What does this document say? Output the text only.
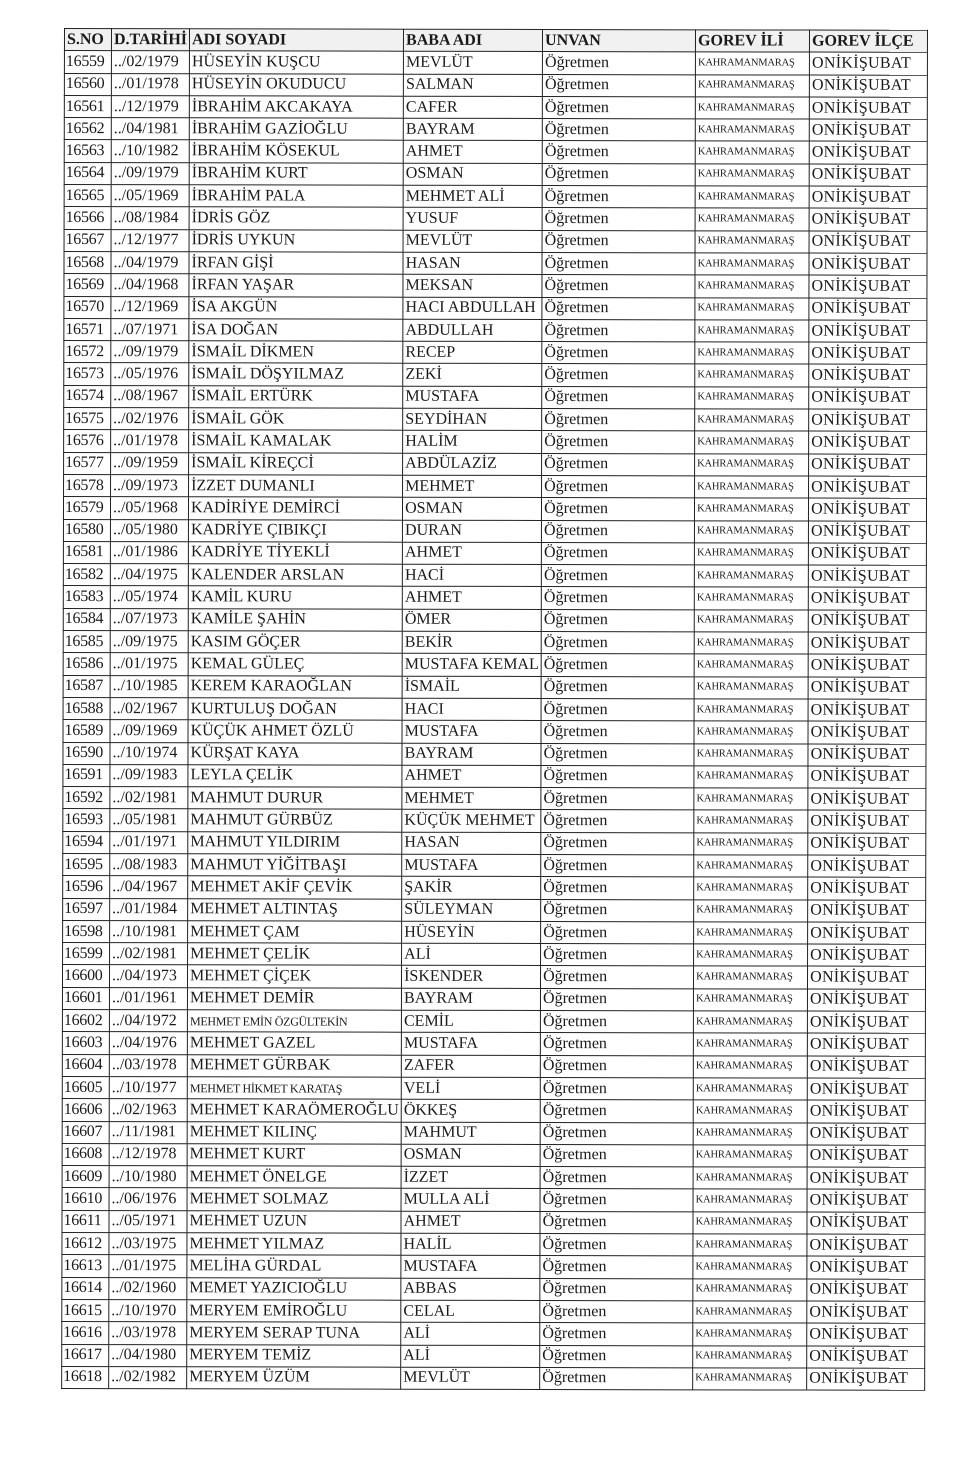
S.NO	D.TARİHİ	ADI SOYADI	BABA ADI	UNVAN	GOREV İLİ	GOREV İLÇE
16559	../02/1979	HÜSEYİN KUŞCU	MEVLÜT	Öğretmen	KAHRAMANMARAŞ	ONİKİŞUBAT
16560	../01/1978	HÜSEYİN OKUDUCU	SALMAN	Öğretmen	KAHRAMANMARAŞ	ONİKİŞUBAT
16561	../12/1979	İBRAHİM AKCAKAYA	CAFER	Öğretmen	KAHRAMANMARAŞ	ONİKİŞUBAT
16562	../04/1981	İBRAHİM GAZİOĞLU	BAYRAM	Öğretmen	KAHRAMANMARAŞ	ONİKİŞUBAT
16563	../10/1982	İBRAHİM KÖSEKUL	AHMET	Öğretmen	KAHRAMANMARAŞ	ONİKİŞUBAT
16564	../09/1979	İBRAHİM KURT	OSMAN	Öğretmen	KAHRAMANMARAŞ	ONİKİŞUBAT
16565	../05/1969	İBRAHİM PALA	MEHMET ALİ	Öğretmen	KAHRAMANMARAŞ	ONİKİŞUBAT
16566	../08/1984	İDRİS GÖZ	YUSUF	Öğretmen	KAHRAMANMARAŞ	ONİKİŞUBAT
16567	../12/1977	İDRİS UYKUN	MEVLÜT	Öğretmen	KAHRAMANMARAŞ	ONİKİŞUBAT
16568	../04/1979	İRFAN GİŞİ	HASAN	Öğretmen	KAHRAMANMARAŞ	ONİKİŞUBAT
16569	../04/1968	İRFAN YAŞAR	MEKSAN	Öğretmen	KAHRAMANMARAŞ	ONİKİŞUBAT
16570	../12/1969	İSA AKGÜN	HACI ABDULLAH	Öğretmen	KAHRAMANMARAŞ	ONİKİŞUBAT
16571	../07/1971	İSA DOĞAN	ABDULLAH	Öğretmen	KAHRAMANMARAŞ	ONİKİŞUBAT
16572	../09/1979	İSMAİL DİKMEN	RECEP	Öğretmen	KAHRAMANMARAŞ	ONİKİŞUBAT
16573	../05/1976	İSMAİL DÖŞYILMAZ	ZEKİ	Öğretmen	KAHRAMANMARAŞ	ONİKİŞUBAT
16574	../08/1967	İSMAİL ERTÜRK	MUSTAFA	Öğretmen	KAHRAMANMARAŞ	ONİKİŞUBAT
16575	../02/1976	İSMAİL GÖK	SEYDİHAN	Öğretmen	KAHRAMANMARAŞ	ONİKİŞUBAT
16576	../01/1978	İSMAİL KAMALAK	HALİM	Öğretmen	KAHRAMANMARAŞ	ONİKİŞUBAT
16577	../09/1959	İSMAİL KİREÇCİ	ABDÜLAZİZ	Öğretmen	KAHRAMANMARAŞ	ONİKİŞUBAT
16578	../09/1973	İZZET DUMANLI	MEHMET	Öğretmen	KAHRAMANMARAŞ	ONİKİŞUBAT
16579	../05/1968	KADİRİYE DEMİRCİ	OSMAN	Öğretmen	KAHRAMANMARAŞ	ONİKİŞUBAT
16580	../05/1980	KADRİYE ÇIBIKÇI	DURAN	Öğretmen	KAHRAMANMARAŞ	ONİKİŞUBAT
16581	../01/1986	KADRİYE TİYEKLİ	AHMET	Öğretmen	KAHRAMANMARAŞ	ONİKİŞUBAT
16582	../04/1975	KALENDER ARSLAN	HACİ	Öğretmen	KAHRAMANMARAŞ	ONİKİŞUBAT
16583	../05/1974	KAMİL KURU	AHMET	Öğretmen	KAHRAMANMARAŞ	ONİKİŞUBAT
16584	../07/1973	KAMİLE ŞAHİN	ÖMER	Öğretmen	KAHRAMANMARAŞ	ONİKİŞUBAT
16585	../09/1975	KASIM GÖÇER	BEKİR	Öğretmen	KAHRAMANMARAŞ	ONİKİŞUBAT
16586	../01/1975	KEMAL GÜLEÇ	MUSTAFA KEMAL	Öğretmen	KAHRAMANMARAŞ	ONİKİŞUBAT
16587	../10/1985	KEREM KARAOĞLAN	İSMAİL	Öğretmen	KAHRAMANMARAŞ	ONİKİŞUBAT
16588	../02/1967	KURTULUŞ DOĞAN	HACI	Öğretmen	KAHRAMANMARAŞ	ONİKİŞUBAT
16589	../09/1969	KÜÇÜK AHMET ÖZLÜ	MUSTAFA	Öğretmen	KAHRAMANMARAŞ	ONİKİŞUBAT
16590	../10/1974	KÜRŞAT KAYA	BAYRAM	Öğretmen	KAHRAMANMARAŞ	ONİKİŞUBAT
16591	../09/1983	LEYLA ÇELİK	AHMET	Öğretmen	KAHRAMANMARAŞ	ONİKİŞUBAT
16592	../02/1981	MAHMUT DURUR	MEHMET	Öğretmen	KAHRAMANMARAŞ	ONİKİŞUBAT
16593	../05/1981	MAHMUT GÜRBÜZ	KÜÇÜK MEHMET	Öğretmen	KAHRAMANMARAŞ	ONİKİŞUBAT
16594	../01/1971	MAHMUT YILDIRIM	HASAN	Öğretmen	KAHRAMANMARAŞ	ONİKİŞUBAT
16595	../08/1983	MAHMUT YİĞİTBAŞI	MUSTAFA	Öğretmen	KAHRAMANMARAŞ	ONİKİŞUBAT
16596	../04/1967	MEHMET AKİF ÇEVİK	ŞAKİR	Öğretmen	KAHRAMANMARAŞ	ONİKİŞUBAT
16597	../01/1984	MEHMET ALTINTAŞ	SÜLEYMAN	Öğretmen	KAHRAMANMARAŞ	ONİKİŞUBAT
16598	../10/1981	MEHMET ÇAM	HÜSEYİN	Öğretmen	KAHRAMANMARAŞ	ONİKİŞUBAT
16599	../02/1981	MEHMET ÇELİK	ALİ	Öğretmen	KAHRAMANMARAŞ	ONİKİŞUBAT
16600	../04/1973	MEHMET ÇİÇEK	İSKENDER	Öğretmen	KAHRAMANMARAŞ	ONİKİŞUBAT
16601	../01/1961	MEHMET DEMİR	BAYRAM	Öğretmen	KAHRAMANMARAŞ	ONİKİŞUBAT
16602	../04/1972	MEHMET EMİN ÖZGÜLTEKİN	CEMİL	Öğretmen	KAHRAMANMARAŞ	ONİKİŞUBAT
16603	../04/1976	MEHMET GAZEL	MUSTAFA	Öğretmen	KAHRAMANMARAŞ	ONİKİŞUBAT
16604	../03/1978	MEHMET GÜRBAK	ZAFER	Öğretmen	KAHRAMANMARAŞ	ONİKİŞUBAT
16605	../10/1977	MEHMET HİKMET KARATAŞ	VELİ	Öğretmen	KAHRAMANMARAŞ	ONİKİŞUBAT
16606	../02/1963	MEHMET KARAÖMEROĞLU	ÖKKEŞ	Öğretmen	KAHRAMANMARAŞ	ONİKİŞUBAT
16607	../11/1981	MEHMET KILINÇ	MAHMUT	Öğretmen	KAHRAMANMARAŞ	ONİKİŞUBAT
16608	../12/1978	MEHMET KURT	OSMAN	Öğretmen	KAHRAMANMARAŞ	ONİKİŞUBAT
16609	../10/1980	MEHMET ÖNELGE	İZZET	Öğretmen	KAHRAMANMARAŞ	ONİKİŞUBAT
16610	../06/1976	MEHMET SOLMAZ	MULLA ALİ	Öğretmen	KAHRAMANMARAŞ	ONİKİŞUBAT
16611	../05/1971	MEHMET UZUN	AHMET	Öğretmen	KAHRAMANMARAŞ	ONİKİŞUBAT
16612	../03/1975	MEHMET YILMAZ	HALİL	Öğretmen	KAHRAMANMARAŞ	ONİKİŞUBAT
16613	../01/1975	MELİHA GÜRDAL	MUSTAFA	Öğretmen	KAHRAMANMARAŞ	ONİKİŞUBAT
16614	../02/1960	MEMET YAZICIOĞLU	ABBAS	Öğretmen	KAHRAMANMARAŞ	ONİKİŞUBAT
16615	../10/1970	MERYEM EMİROĞLU	CELAL	Öğretmen	KAHRAMANMARAŞ	ONİKİŞUBAT
16616	../03/1978	MERYEM SERAP TUNA	ALİ	Öğretmen	KAHRAMANMARAŞ	ONİKİŞUBAT
16617	../04/1980	MERYEM TEMİZ	ALİ	Öğretmen	KAHRAMANMARAŞ	ONİKİŞUBAT
16618	../02/1982	MERYEM ÜZÜM	MEVLÜT	Öğretmen	KAHRAMANMARAŞ	ONİKİŞUBAT
